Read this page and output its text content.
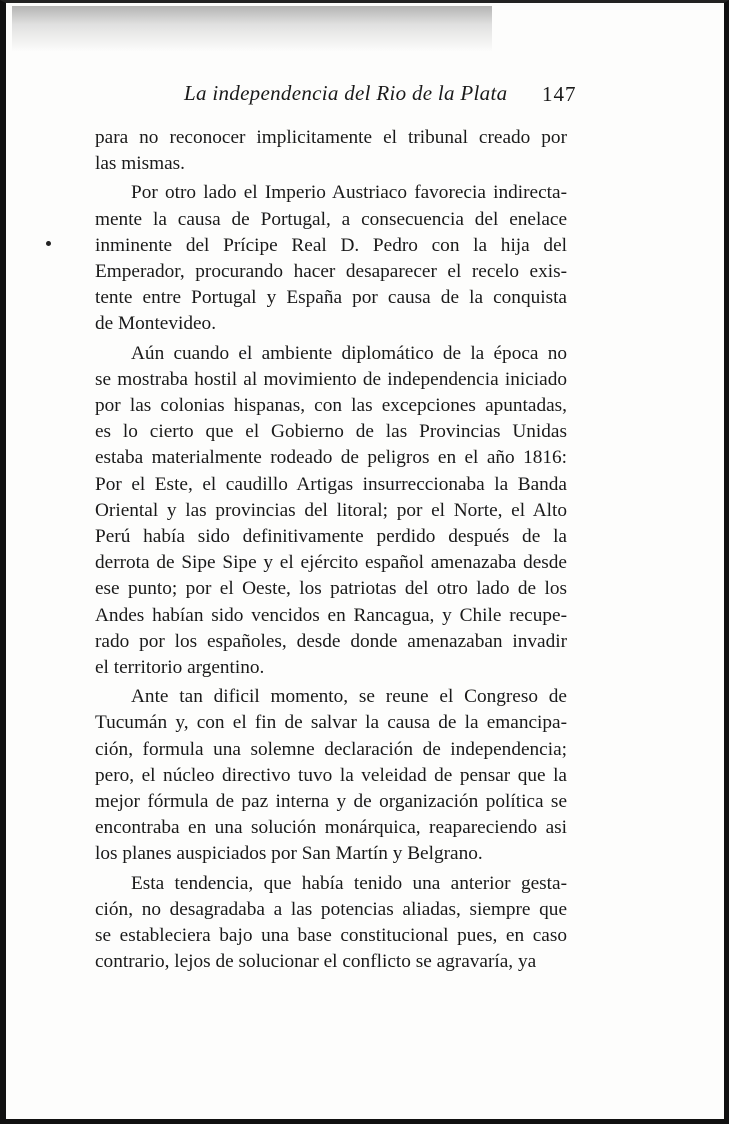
La independencia del Rio de la Plata 147
para no reconocer implicitamente el tribunal creado por
las mismas.
Por otro lado el Imperio Austriaco favorecia indirecta-
mente la causa de Portugal, a consecuencia del enelace
inminente del Prícipe Real D. Pedro con la hija del
Emperador, procurando hacer desaparecer el recelo exis-
tente entre Portugal y España por causa de la conquista
de Montevideo.
Aún cuando el ambiente diplomático de la época no
se mostraba hostil al movimiento de independencia iniciado
por las colonias hispanas, con las excepciones apuntadas,
es lo cierto que el Gobierno de las Provincias Unidas
estaba materialmente rodeado de peligros en el año 1816:
Por el Este, el caudillo Artigas insurreccionaba la Banda
Oriental y las provincias del litoral; por el Norte, el Alto
Perú había sido definitivamente perdido después de la
derrota de Sipe Sipe y el ejército español amenazaba desde
ese punto; por el Oeste, los patriotas del otro lado de los
Andes habían sido vencidos en Rancagua, y Chile recupe-
rado por los españoles, desde donde amenazaban invadir
el territorio argentino.
Ante tan dificil momento, se reune el Congreso de
Tucumán y, con el fin de salvar la causa de la emancipa-
ción, formula una solemne declaración de independencia;
pero, el núcleo directivo tuvo la veleidad de pensar que la
mejor fórmula de paz interna y de organización política se
encontraba en una solución monárquica, reapareciendo asi
los planes auspiciados por San Martín y Belgrano.
Esta tendencia, que había tenido una anterior gesta-
ción, no desagradaba a las potencias aliadas, siempre que
se estableciera bajo una base constitucional pues, en caso
contrario, lejos de solucionar el conflicto se agravaría, ya
